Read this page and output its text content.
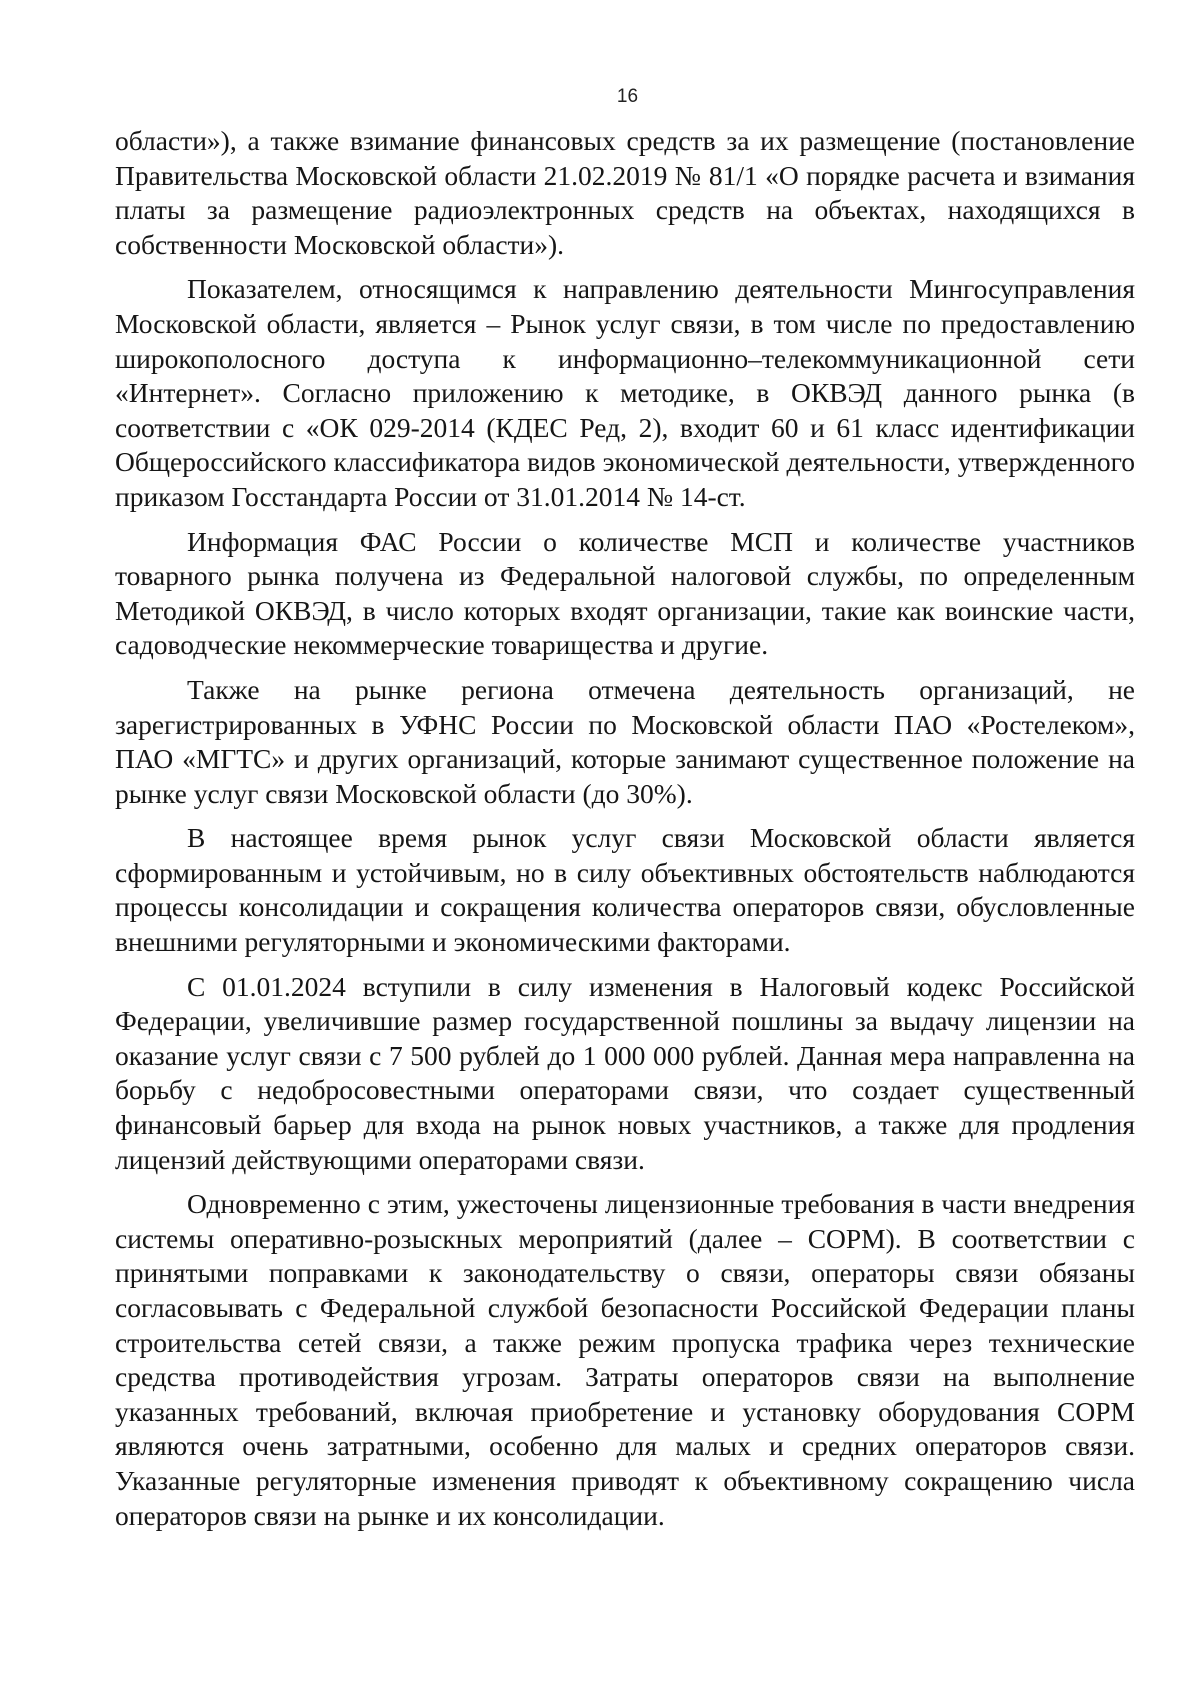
16

области»), а также взимание финансовых средств за их размещение (постановление Правительства Московской области 21.02.2019 № 81/1 «О порядке расчета и взимания платы за размещение радиоэлектронных средств на объектах, находящихся в собственности Московской области»).

Показателем, относящимся к направлению деятельности Мингосуправления Московской области, является – Рынок услуг связи, в том числе по предоставлению широкополосного доступа к информационно–телекоммуникационной сети «Интернет». Согласно приложению к методике, в ОКВЭД данного рынка (в соответствии с «ОК 029-2014 (КДЕС Ред, 2), входит 60 и 61 класс идентификации Общероссийского классификатора видов экономической деятельности, утвержденного приказом Госстандарта России от 31.01.2014 № 14-ст.

Информация ФАС России о количестве МСП и количестве участников товарного рынка получена из Федеральной налоговой службы, по определенным Методикой ОКВЭД, в число которых входят организации, такие как воинские части, садоводческие некоммерческие товарищества и другие.

Также на рынке региона отмечена деятельность организаций, не зарегистрированных в УФНС России по Московской области ПАО «Ростелеком», ПАО «МГТС» и других организаций, которые занимают существенное положение на рынке услуг связи Московской области (до 30%).

В настоящее время рынок услуг связи Московской области является сформированным и устойчивым, но в силу объективных обстоятельств наблюдаются процессы консолидации и сокращения количества операторов связи, обусловленные внешними регуляторными и экономическими факторами.

С 01.01.2024 вступили в силу изменения в Налоговый кодекс Российской Федерации, увеличившие размер государственной пошлины за выдачу лицензии на оказание услуг связи с 7 500 рублей до 1 000 000 рублей. Данная мера направленна на борьбу с недобросовестными операторами связи, что создает существенный финансовый барьер для входа на рынок новых участников, а также для продления лицензий действующими операторами связи.

Одновременно с этим, ужесточены лицензионные требования в части внедрения системы оперативно-розыскных мероприятий (далее – СОРМ). В соответствии с принятыми поправками к законодательству о связи, операторы связи обязаны согласовывать с Федеральной службой безопасности Российской Федерации планы строительства сетей связи, а также режим пропуска трафика через технические средства противодействия угрозам. Затраты операторов связи на выполнение указанных требований, включая приобретение и установку оборудования СОРМ являются очень затратными, особенно для малых и средних операторов связи. Указанные регуляторные изменения приводят к объективному сокращению числа операторов связи на рынке и их консолидации.
